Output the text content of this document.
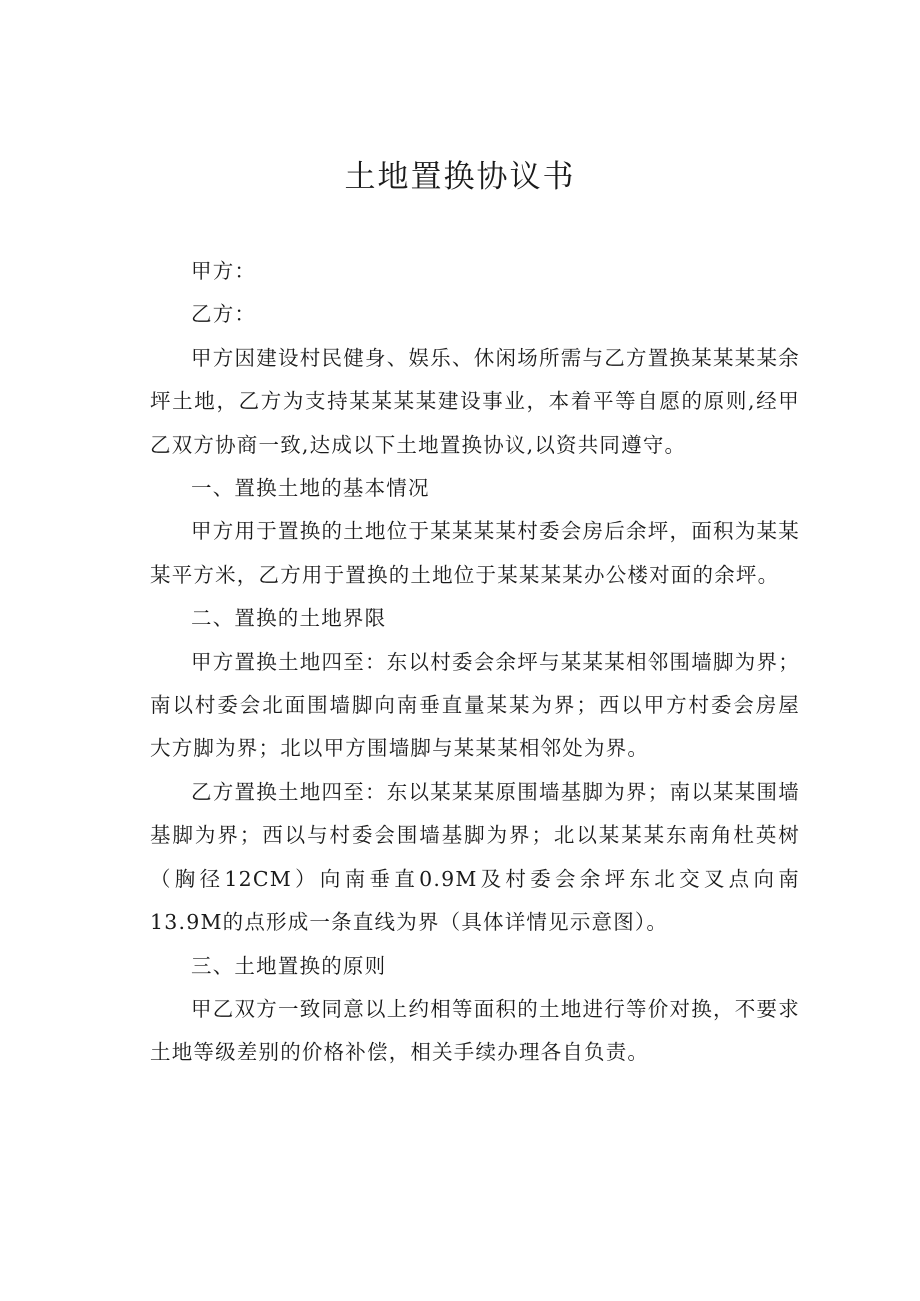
土地置换协议书

甲方：

乙方：

甲方因建设村民健身、娱乐、休闲场所需与乙方置换某某某某余坪土地，乙方为支持某某某某建设事业，本着平等自愿的原则,经甲乙双方协商一致,达成以下土地置换协议,以资共同遵守。

一、置换土地的基本情况

甲方用于置换的土地位于某某某某村委会房后余坪，面积为某某某平方米，乙方用于置换的土地位于某某某某办公楼对面的余坪。

二、置换的土地界限

甲方置换土地四至：东以村委会余坪与某某某相邻围墙脚为界；南以村委会北面围墙脚向南垂直量某某为界；西以甲方村委会房屋大方脚为界；北以甲方围墙脚与某某某相邻处为界。

乙方置换土地四至：东以某某某原围墙基脚为界；南以某某围墙基脚为界；西以与村委会围墙基脚为界；北以某某某东南角杜英树（胸径12CM）向南垂直0.9M及村委会余坪东北交叉点向南13.9M的点形成一条直线为界（具体详情见示意图）。

三、土地置换的原则

甲乙双方一致同意以上约相等面积的土地进行等价对换，不要求土地等级差别的价格补偿，相关手续办理各自负责。
